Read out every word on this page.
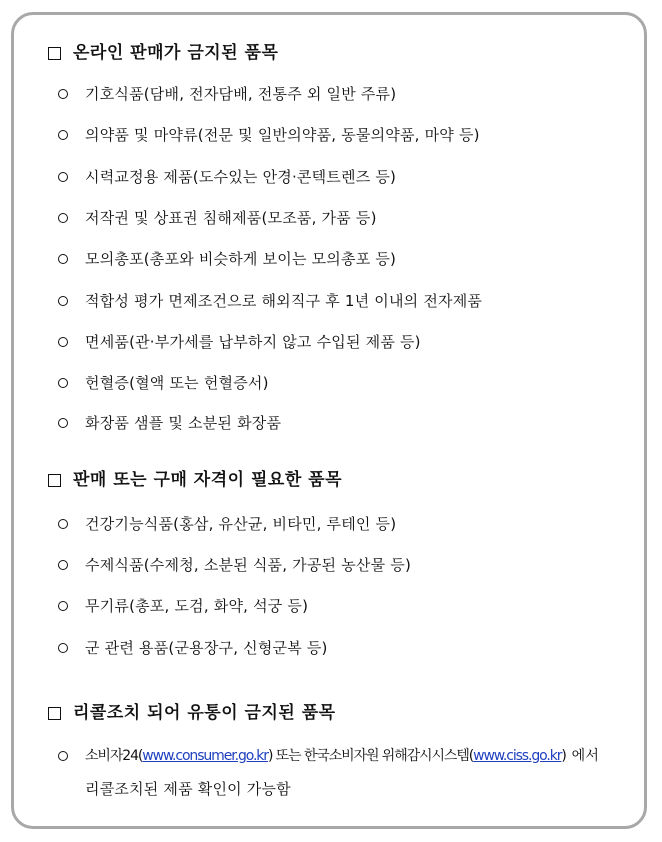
온라인 판매가 금지된 품목
기호식품(담배, 전자담배, 전통주 외 일반 주류)
의약품 및 마약류(전문 및 일반의약품, 동물의약품, 마약 등)
시력교정용 제품(도수있는 안경·콘텍트렌즈 등)
저작권 및 상표권 침해제품(모조품, 가품 등)
모의총포(총포와 비슷하게 보이는 모의총포 등)
적합성 평가 면제조건으로 해외직구 후 1년 이내의 전자제품
면세품(관·부가세를 납부하지 않고 수입된 제품 등)
헌혈증(혈액 또는 헌혈증서)
화장품 샘플 및 소분된 화장품
판매 또는 구매 자격이 필요한 품목
건강기능식품(홍삼, 유산균, 비타민, 루테인 등)
수제식품(수제청, 소분된 식품, 가공된 농산물 등)
무기류(총포, 도검, 화약, 석궁 등)
군 관련 용품(군용장구, 신형군복 등)
리콜조치 되어 유통이 금지된 품목
소비자24(www.consumer.go.kr) 또는 한국소비자원 위해감시시스템(www.ciss.go.kr) 에서
리콜조치된 제품 확인이 가능함
